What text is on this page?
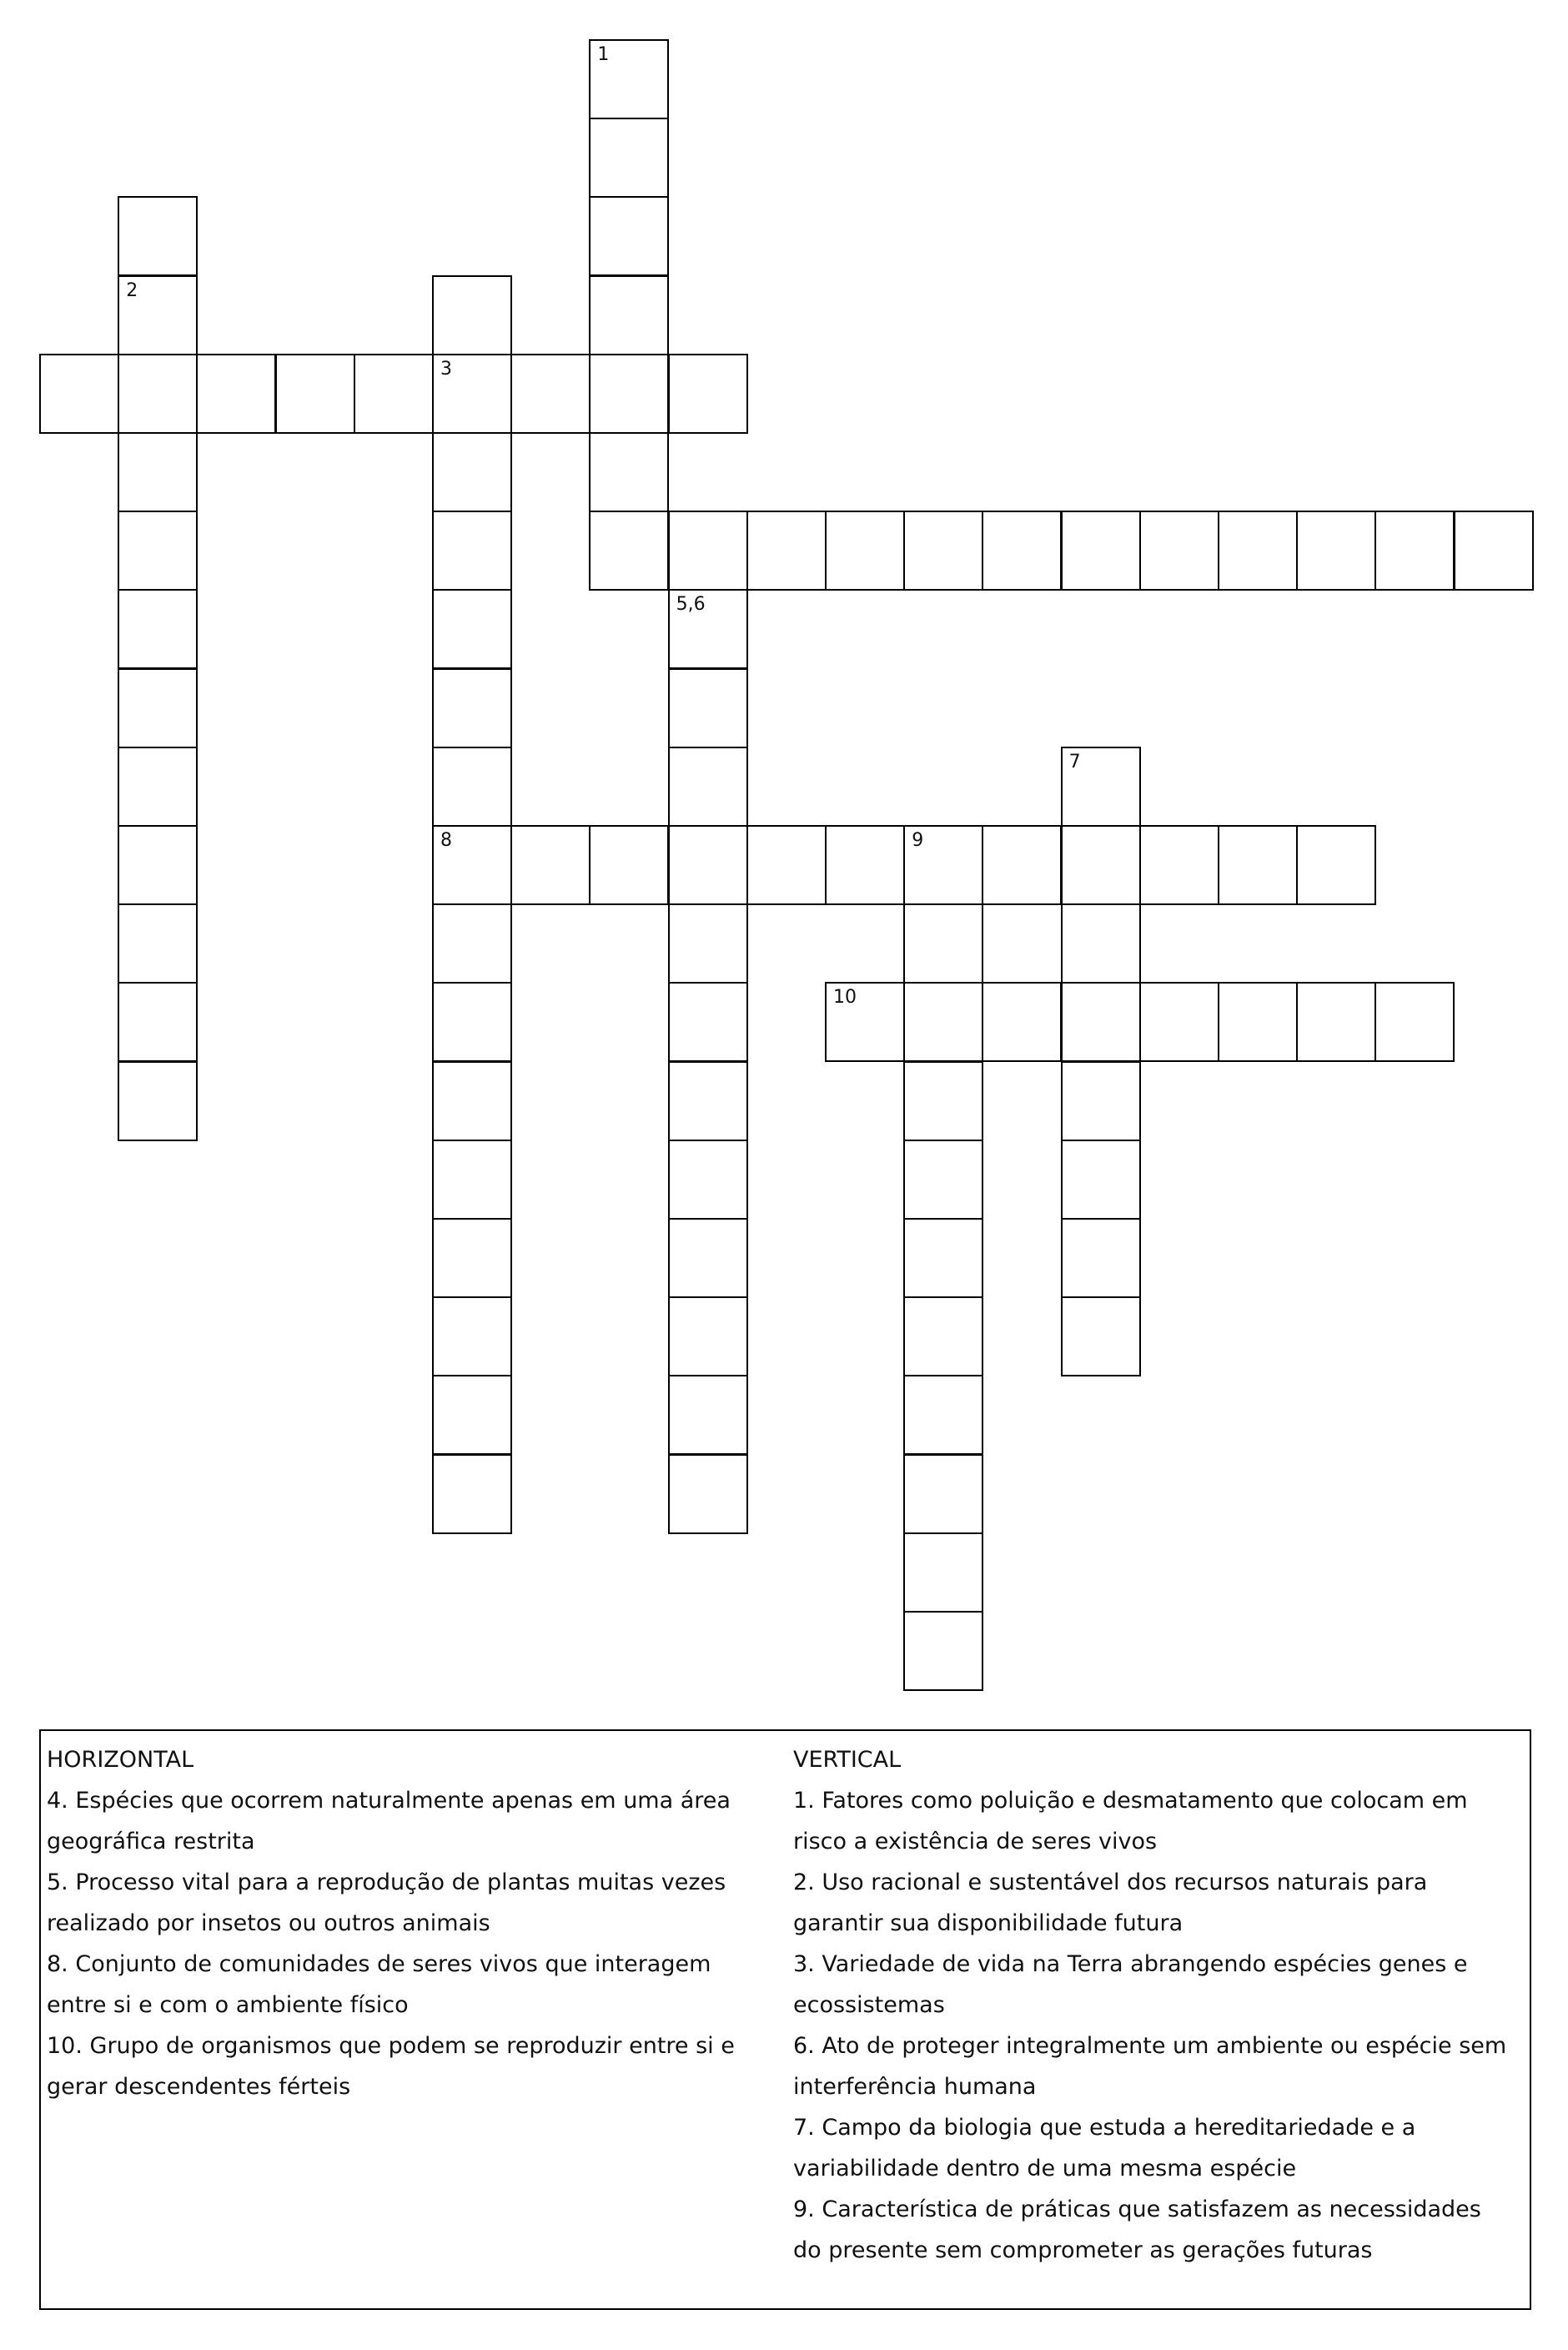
3
1
2
8
5,6
9
7
10

HORIZONTAL

4. Espécies que ocorrem naturalmente apenas em uma área geográfica restrita

5. Processo vital para a reprodução de plantas muitas vezes realizado por insetos ou outros animais

8. Conjunto de comunidades de seres vivos que interagem entre si e com o ambiente físico

10. Grupo de organismos que podem se reproduzir entre si e gerar descendentes férteis

VERTICAL

1. Fatores como poluição e desmatamento que colocam em risco a existência de seres vivos

2. Uso racional e sustentável dos recursos naturais para garantir sua disponibilidade futura

3. Variedade de vida na Terra abrangendo espécies genes e ecossistemas

6. Ato de proteger integralmente um ambiente ou espécie sem interferência humana

7. Campo da biologia que estuda a hereditariedade e a variabilidade dentro de uma mesma espécie

9. Característica de práticas que satisfazem as necessidades do presente sem comprometer as gerações futuras
